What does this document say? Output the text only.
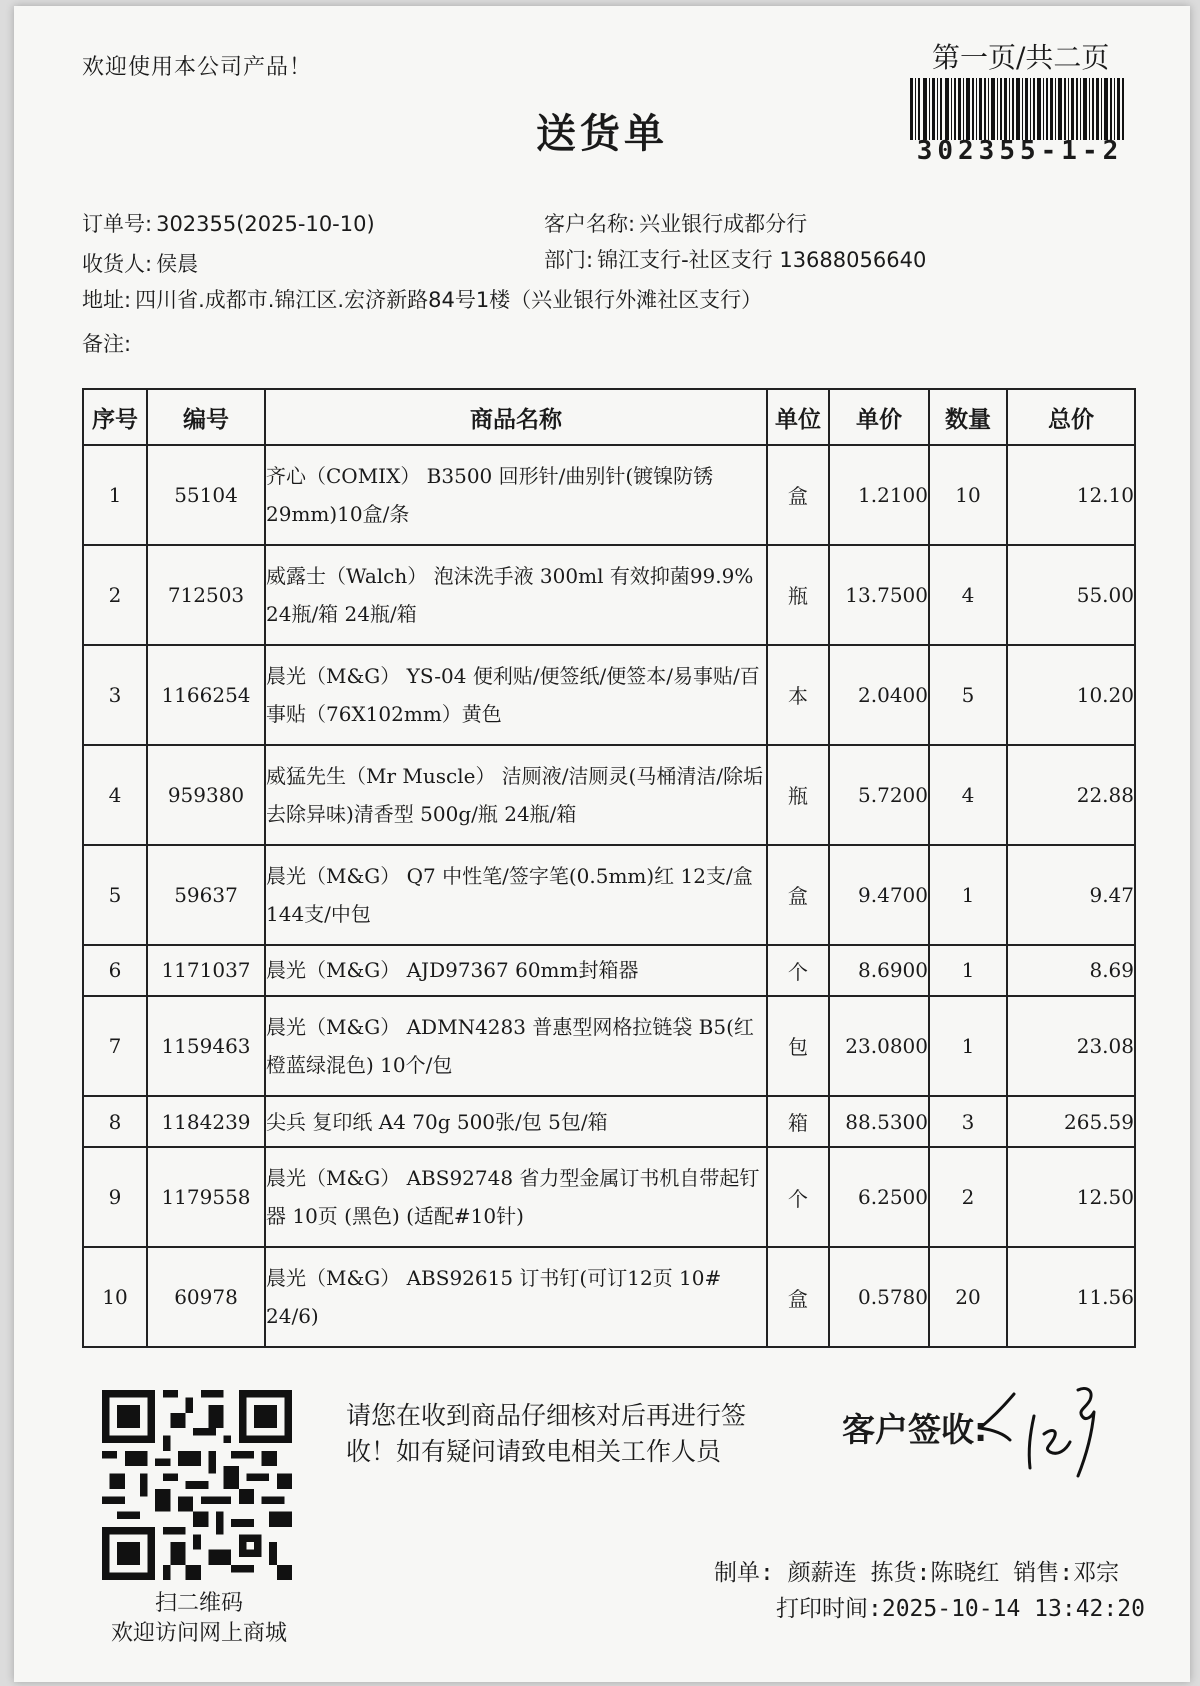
欢迎使用本公司产品！	第一页/共二页
302355-1-2
送货单
订单号: 302355(2025-10-10)	客户名称: 兴业银行成都分行
收货人: 侯晨	部门: 锦江支行-社区支行 13688056640
地址: 四川省.成都市.锦江区.宏济新路84号1楼（兴业银行外滩社区支行）
备注:
序号	编号	商品名称	单位	单价	数量	总价
1	55104	齐心（COMIX） B3500 回形针/曲别针(镀镍防锈29mm)10盒/条	盒	1.2100	10	12.10
2	712503	威露士（Walch） 泡沫洗手液 300ml 有效抑菌99.9% 24瓶/箱 24瓶/箱	瓶	13.7500	4	55.00
3	1166254	晨光（M&G） YS-04 便利贴/便签纸/便签本/易事贴/百事贴（76X102mm）黄色	本	2.0400	5	10.20
4	959380	威猛先生（Mr Muscle） 洁厕液/洁厕灵(马桶清洁/除垢去除异味)清香型 500g/瓶 24瓶/箱	瓶	5.7200	4	22.88
5	59637	晨光（M&G） Q7 中性笔/签字笔(0.5mm)红 12支/盒 144支/中包	盒	9.4700	1	9.47
6	1171037	晨光（M&G） AJD97367 60mm封箱器	个	8.6900	1	8.69
7	1159463	晨光（M&G） ADMN4283 普惠型网格拉链袋 B5(红橙蓝绿混色) 10个/包	包	23.0800	1	23.08
8	1184239	尖兵 复印纸 A4 70g 500张/包 5包/箱	箱	88.5300	3	265.59
9	1179558	晨光（M&G） ABS92748 省力型金属订书机自带起钉器 10页 (黑色) (适配#10针)	个	6.2500	2	12.50
10	60978	晨光（M&G） ABS92615 订书钉(可订12页 10# 24/6)	盒	0.5780	20	11.56
扫二维码
欢迎访问网上商城
请您在收到商品仔细核对后再进行签收！如有疑问请致电相关工作人员
客户签收:
制单: 颜薪连 拣货:陈晓红 销售:邓宗
打印时间:2025-10-14 13:42:20
